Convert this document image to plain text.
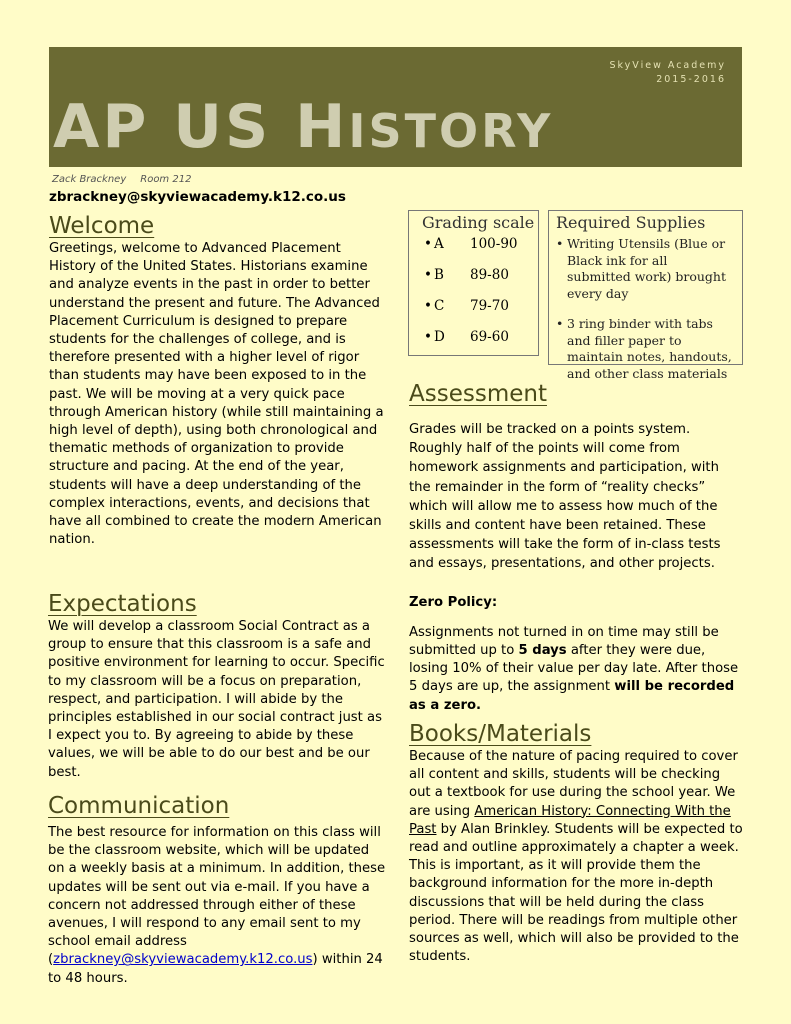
SkyView Academy
2015-2016
AP US HISTORY
Zack Brackney Room 212
zbrackney@skyviewacademy.k12.co.us
Welcome

Greetings, welcome to Advanced Placement History of the United States. Historians examine and analyze events in the past in order to better understand the present and future. The Advanced Placement Curriculum is designed to prepare students for the challenges of college, and is therefore presented with a higher level of rigor than students may have been exposed to in the past. We will be moving at a very quick pace through American history (while still maintaining a high level of depth), using both chronological and thematic methods of organization to provide structure and pacing. At the end of the year, students will have a deep understanding of the complex interactions, events, and decisions that have all combined to create the modern American nation.

Expectations

We will develop a classroom Social Contract as a group to ensure that this classroom is a safe and positive environment for learning to occur. Specific to my classroom will be a focus on preparation, respect, and participation. I will abide by the principles established in our social contract just as I expect you to. By agreeing to abide by these values, we will be able to do our best and be our best.

Communication

The best resource for information on this class will be the classroom website, which will be updated on a weekly basis at a minimum. In addition, these updates will be sent out via e-mail. If you have a concern not addressed through either of these avenues, I will respond to any email sent to my school email address (zbrackney@skyviewacademy.k12.co.us) within 24 to 48 hours.

Grading scale
• A	100-90
• B	89-80
• C	79-70
• D	69-60
Required Supplies
• Writing Utensils (Blue or Black ink for all submitted work) brought every day
• 3 ring binder with tabs and filler paper to maintain notes, handouts, and other class materials
Assessment

Grades will be tracked on a points system. Roughly half of the points will come from homework assignments and participation, with the remainder in the form of “reality checks” which will allow me to assess how much of the skills and content have been retained. These assessments will take the form of in-class tests and essays, presentations, and other projects.

Zero Policy:

Assignments not turned in on time may still be submitted up to 5 days after they were due, losing 10% of their value per day late. After those 5 days are up, the assignment will be recorded as a zero.

Books/Materials

Because of the nature of pacing required to cover all content and skills, students will be checking out a textbook for use during the school year. We are using American History: Connecting With the Past by Alan Brinkley. Students will be expected to read and outline approximately a chapter a week. This is important, as it will provide them the background information for the more in-depth discussions that will be held during the class period. There will be readings from multiple other sources as well, which will also be provided to the students.
